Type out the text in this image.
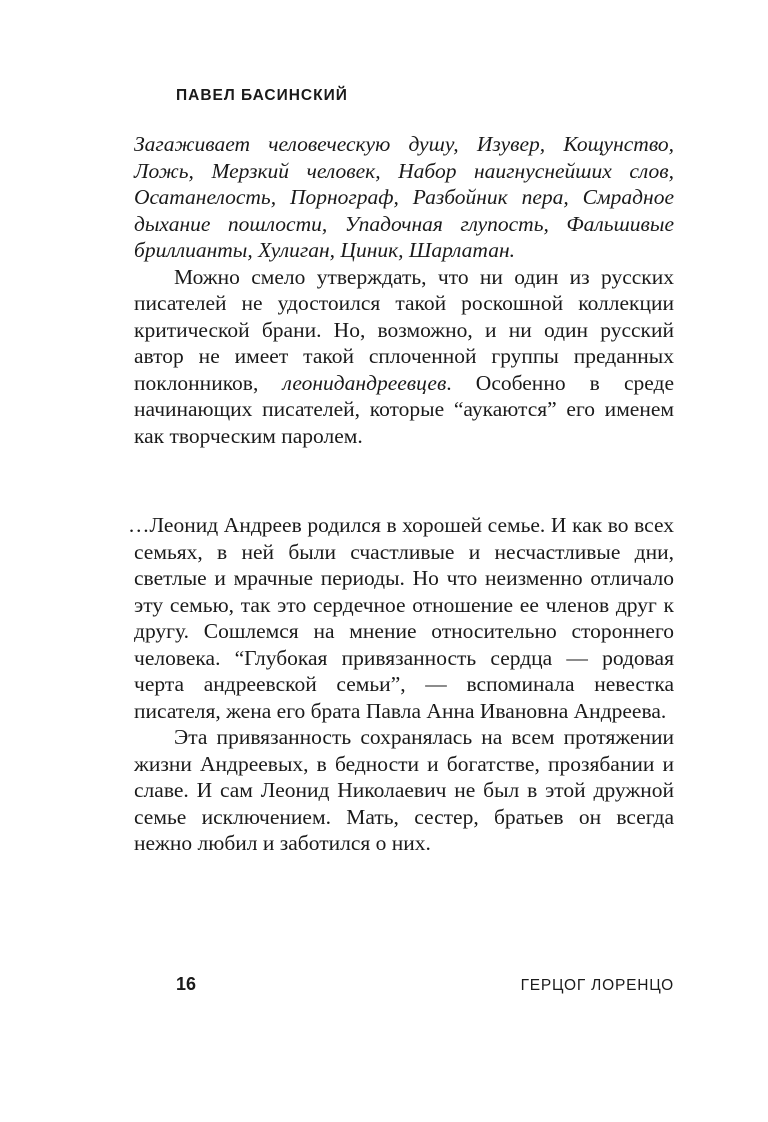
ПАВЕЛ БАСИНСКИЙ

Загаживает человеческую душу, Изувер, Кощунство, Ложь, Мерзкий человек, Набор наигнуснейших слов, Осатанелость, Порнограф, Разбойник пера, Смрадное дыхание пошлости, Упадочная глупость, Фальшивые бриллианты, Хулиган, Циник, Шарлатан.

Можно смело утверждать, что ни один из русских писателей не удостоился такой роскошной коллекции критической брани. Но, возможно, и ни один русский автор не имеет такой сплоченной группы преданных поклонников, леонидандреевцев. Особенно в среде начинающих писателей, которые “аукаются” его именем как творческим паролем.

…Леонид Андреев родился в хорошей семье. И как во всех семьях, в ней были счастливые и несчастливые дни, светлые и мрачные периоды. Но что неизменно отличало эту семью, так это сердечное отношение ее членов друг к другу. Сошлемся на мнение относительно стороннего человека. “Глубокая привязанность сердца — родовая черта андреевской семьи”, — вспоминала невестка писателя, жена его брата Павла Анна Ивановна Андреева.

Эта привязанность сохранялась на всем протяжении жизни Андреевых, в бедности и богатстве, прозябании и славе. И сам Леонид Николаевич не был в этой дружной семье исключением. Мать, сестер, братьев он всегда нежно любил и заботился о них.

16	ГЕРЦОГ ЛОРЕНЦО
